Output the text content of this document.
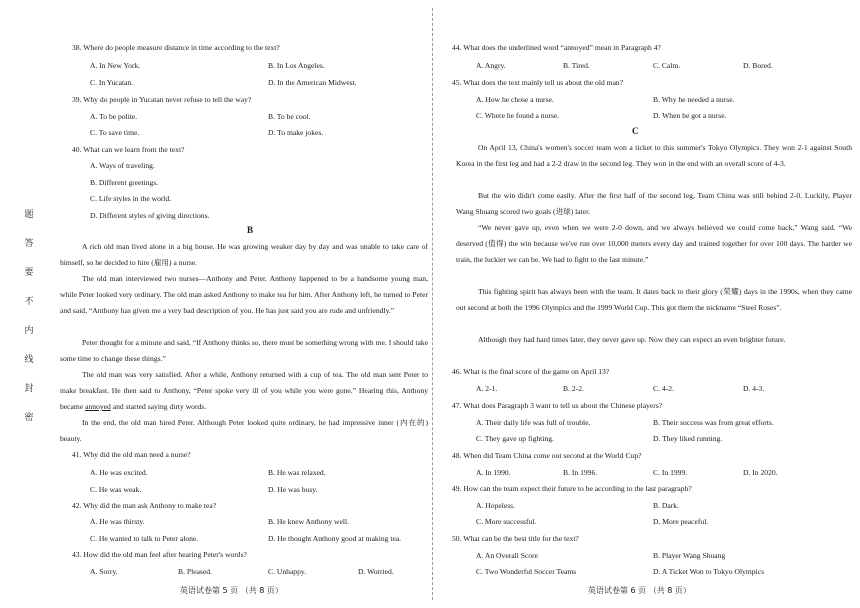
题
答
要
不
内
线
封
密
38. Where do people measure distance in time according to the text?
A. In New York.	B. In Los Angeles.
C. In Yucatan.	D. In the American Midwest.
39. Why do people in Yucatan never refuse to tell the way?
A. To be polite.	B. To be cool.
C. To save time.	D. To make jokes.
40. What can we learn from the text?
A. Ways of traveling.
B. Different greetings.
C. Life styles in the world.
D. Different styles of giving directions.
B
A rich old man lived alone in a big house. He was growing weaker day by day and was unable to take care of himself, so he decided to hire (雇用) a nurse.
The old man interviewed two nurses—Anthony and Peter. Anthony happened to be a handsome young man, while Peter looked very ordinary. The old man asked Anthony to make tea for him. After Anthony left, he turned to Peter and said, “Anthony has given me a very bad description of you. He has just said you are rude and unfriendly.”
Peter thought for a minute and said, “If Anthony thinks so, there must be something wrong with me. I should take some time to change these things.”
The old man was very satisfied. After a while, Anthony returned with a cup of tea. The old man sent Peter to make breakfast. He then said to Anthony, “Peter spoke very ill of you while you were gone.” Hearing this, Anthony became annoyed and started saying dirty words.
In the end, the old man hired Peter. Although Peter looked quite ordinary, he had impressive inner (内在的) beauty.
41. Why did the old man need a nurse?
A. He was excited.	B. He was relaxed.
C. He was weak.	D. He was busy.
42. Why did the man ask Anthony to make tea?
A. He was thirsty.	B. He knew Anthony well.
C. He wanted to talk to Peter alone.	D. He thought Anthony good at making tea.
43. How did the old man feel after hearing Peter's words?
A. Sorry.	B. Pleased.	C. Unhappy.	D. Worried.
英语试卷第 5 页 （共 8 页）
44. What does the underlined word “annoyed” mean in Paragraph 4?
A. Angry.	B. Tired.	C. Calm.	D. Bored.
45. What does the text mainly tell us about the old man?
A. How he chose a nurse.	B. Why he needed a nurse.
C. Where he found a nurse.	D. When he got a nurse.
C
On April 13, China's women's soccer team won a ticket to this summer's Tokyo Olympics. They won 2-1 against South Korea in the first leg and had a 2-2 draw in the second leg. They won in the end with an overall score of 4-3.
But the win didn't come easily. After the first half of the second leg, Team China was still behind 2-0. Luckily, Player Wang Shuang scored two goals (进球) later.
“We never gave up, even when we were 2-0 down, and we always believed we could come back,” Wang said. “We deserved (值得) the win because we've run over 10,000 meters every day and trained together for over 100 days. The harder we train, the luckier we can be. We had to fight to the last minute.”
This fighting spirit has always been with the team. It dates back to their glory (荣耀) days in the 1990s, when they came out second at both the 1996 Olympics and the 1999 World Cup. This got them the nickname “Steel Roses”.
Although they had hard times later, they never gave up. Now they can expect an even brighter future.
46. What is the final score of the game on April 13?
A. 2-1.	B. 2-2.	C. 4-2.	D. 4-3.
47. What does Paragraph 3 want to tell us about the Chinese players?
A. Their daily life was full of trouble.	B. Their success was from great efforts.
C. They gave up fighting.	D. They liked running.
48. When did Team China come out second at the World Cup?
A. In 1990.	B. In 1996.	C. In 1999.	D. In 2020.
49. How can the team expect their future to be according to the last paragraph?
A. Hopeless.	B. Dark.
C. More successful.	D. More peaceful.
50. What can be the best title for the text?
A. An Overall Score	B. Player Wang Shuang
C. Two Wonderful Soccer Teams	D. A Ticket Won to Tokyo Olympics
英语试卷第 6 页 （共 8 页）
